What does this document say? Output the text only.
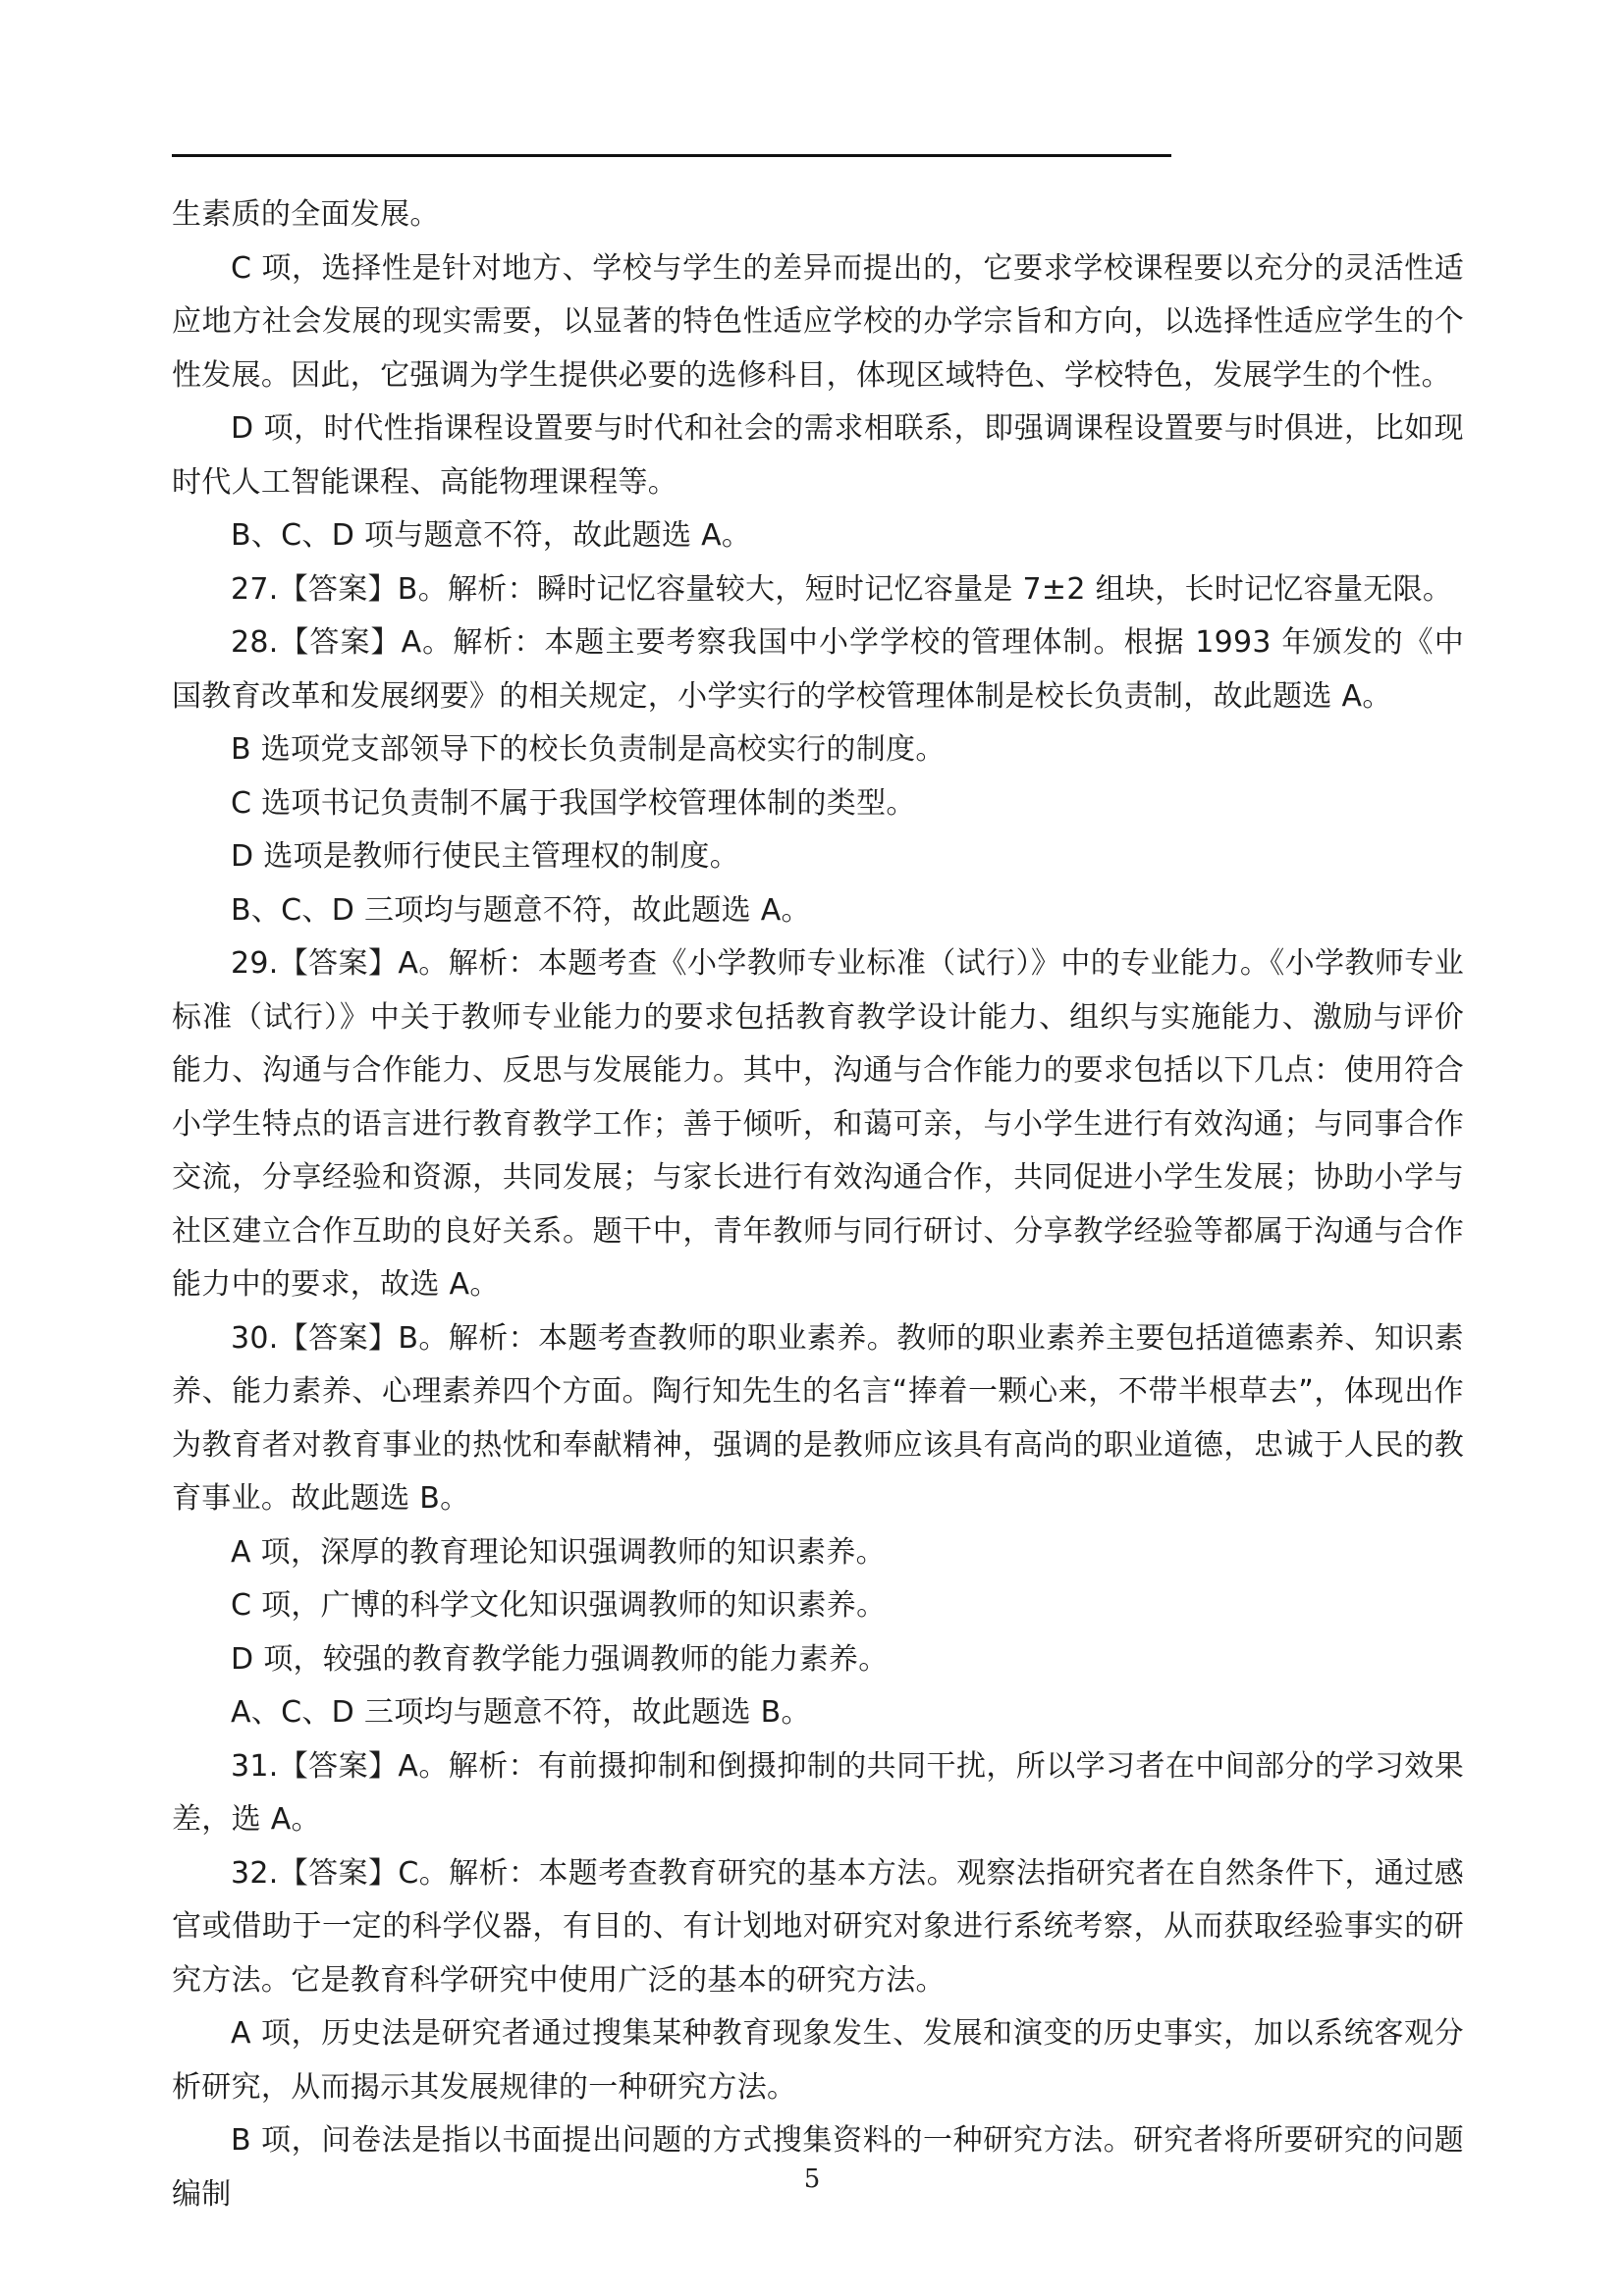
生素质的全面发展。

C 项，选择性是针对地方、学校与学生的差异而提出的，它要求学校课程要以充分的灵活性适应地方社会发展的现实需要，以显著的特色性适应学校的办学宗旨和方向，以选择性适应学生的个性发展。因此，它强调为学生提供必要的选修科目，体现区域特色、学校特色，发展学生的个性。

D 项，时代性指课程设置要与时代和社会的需求相联系，即强调课程设置要与时俱进，比如现时代人工智能课程、高能物理课程等。

B、C、D 项与题意不符，故此题选 A。

27.【答案】B。解析：瞬时记忆容量较大，短时记忆容量是 7±2 组块，长时记忆容量无限。

28.【答案】A。解析：本题主要考察我国中小学学校的管理体制。根据 1993 年颁发的《中国教育改革和发展纲要》的相关规定，小学实行的学校管理体制是校长负责制，故此题选 A。

B 选项党支部领导下的校长负责制是高校实行的制度。

C 选项书记负责制不属于我国学校管理体制的类型。

D 选项是教师行使民主管理权的制度。

B、C、D 三项均与题意不符，故此题选 A。

29.【答案】A。解析：本题考查《小学教师专业标准（试行）》中的专业能力。《小学教师专业标准（试行）》中关于教师专业能力的要求包括教育教学设计能力、组织与实施能力、激励与评价能力、沟通与合作能力、反思与发展能力。其中，沟通与合作能力的要求包括以下几点：使用符合小学生特点的语言进行教育教学工作；善于倾听，和蔼可亲，与小学生进行有效沟通；与同事合作交流，分享经验和资源，共同发展；与家长进行有效沟通合作，共同促进小学生发展；协助小学与社区建立合作互助的良好关系。题干中，青年教师与同行研讨、分享教学经验等都属于沟通与合作能力中的要求，故选 A。

30.【答案】B。解析：本题考查教师的职业素养。教师的职业素养主要包括道德素养、知识素养、能力素养、心理素养四个方面。陶行知先生的名言“捧着一颗心来，不带半根草去”，体现出作为教育者对教育事业的热忱和奉献精神，强调的是教师应该具有高尚的职业道德，忠诚于人民的教育事业。故此题选 B。

A 项，深厚的教育理论知识强调教师的知识素养。

C 项，广博的科学文化知识强调教师的知识素养。

D 项，较强的教育教学能力强调教师的能力素养。

A、C、D 三项均与题意不符，故此题选 B。

31.【答案】A。解析：有前摄抑制和倒摄抑制的共同干扰，所以学习者在中间部分的学习效果差，选 A。

32.【答案】C。解析：本题考查教育研究的基本方法。观察法指研究者在自然条件下，通过感官或借助于一定的科学仪器，有目的、有计划地对研究对象进行系统考察，从而获取经验事实的研究方法。它是教育科学研究中使用广泛的基本的研究方法。

A 项，历史法是研究者通过搜集某种教育现象发生、发展和演变的历史事实，加以系统客观分析研究，从而揭示其发展规律的一种研究方法。

B 项，问卷法是指以书面提出问题的方式搜集资料的一种研究方法。研究者将所要研究的问题编制	5
